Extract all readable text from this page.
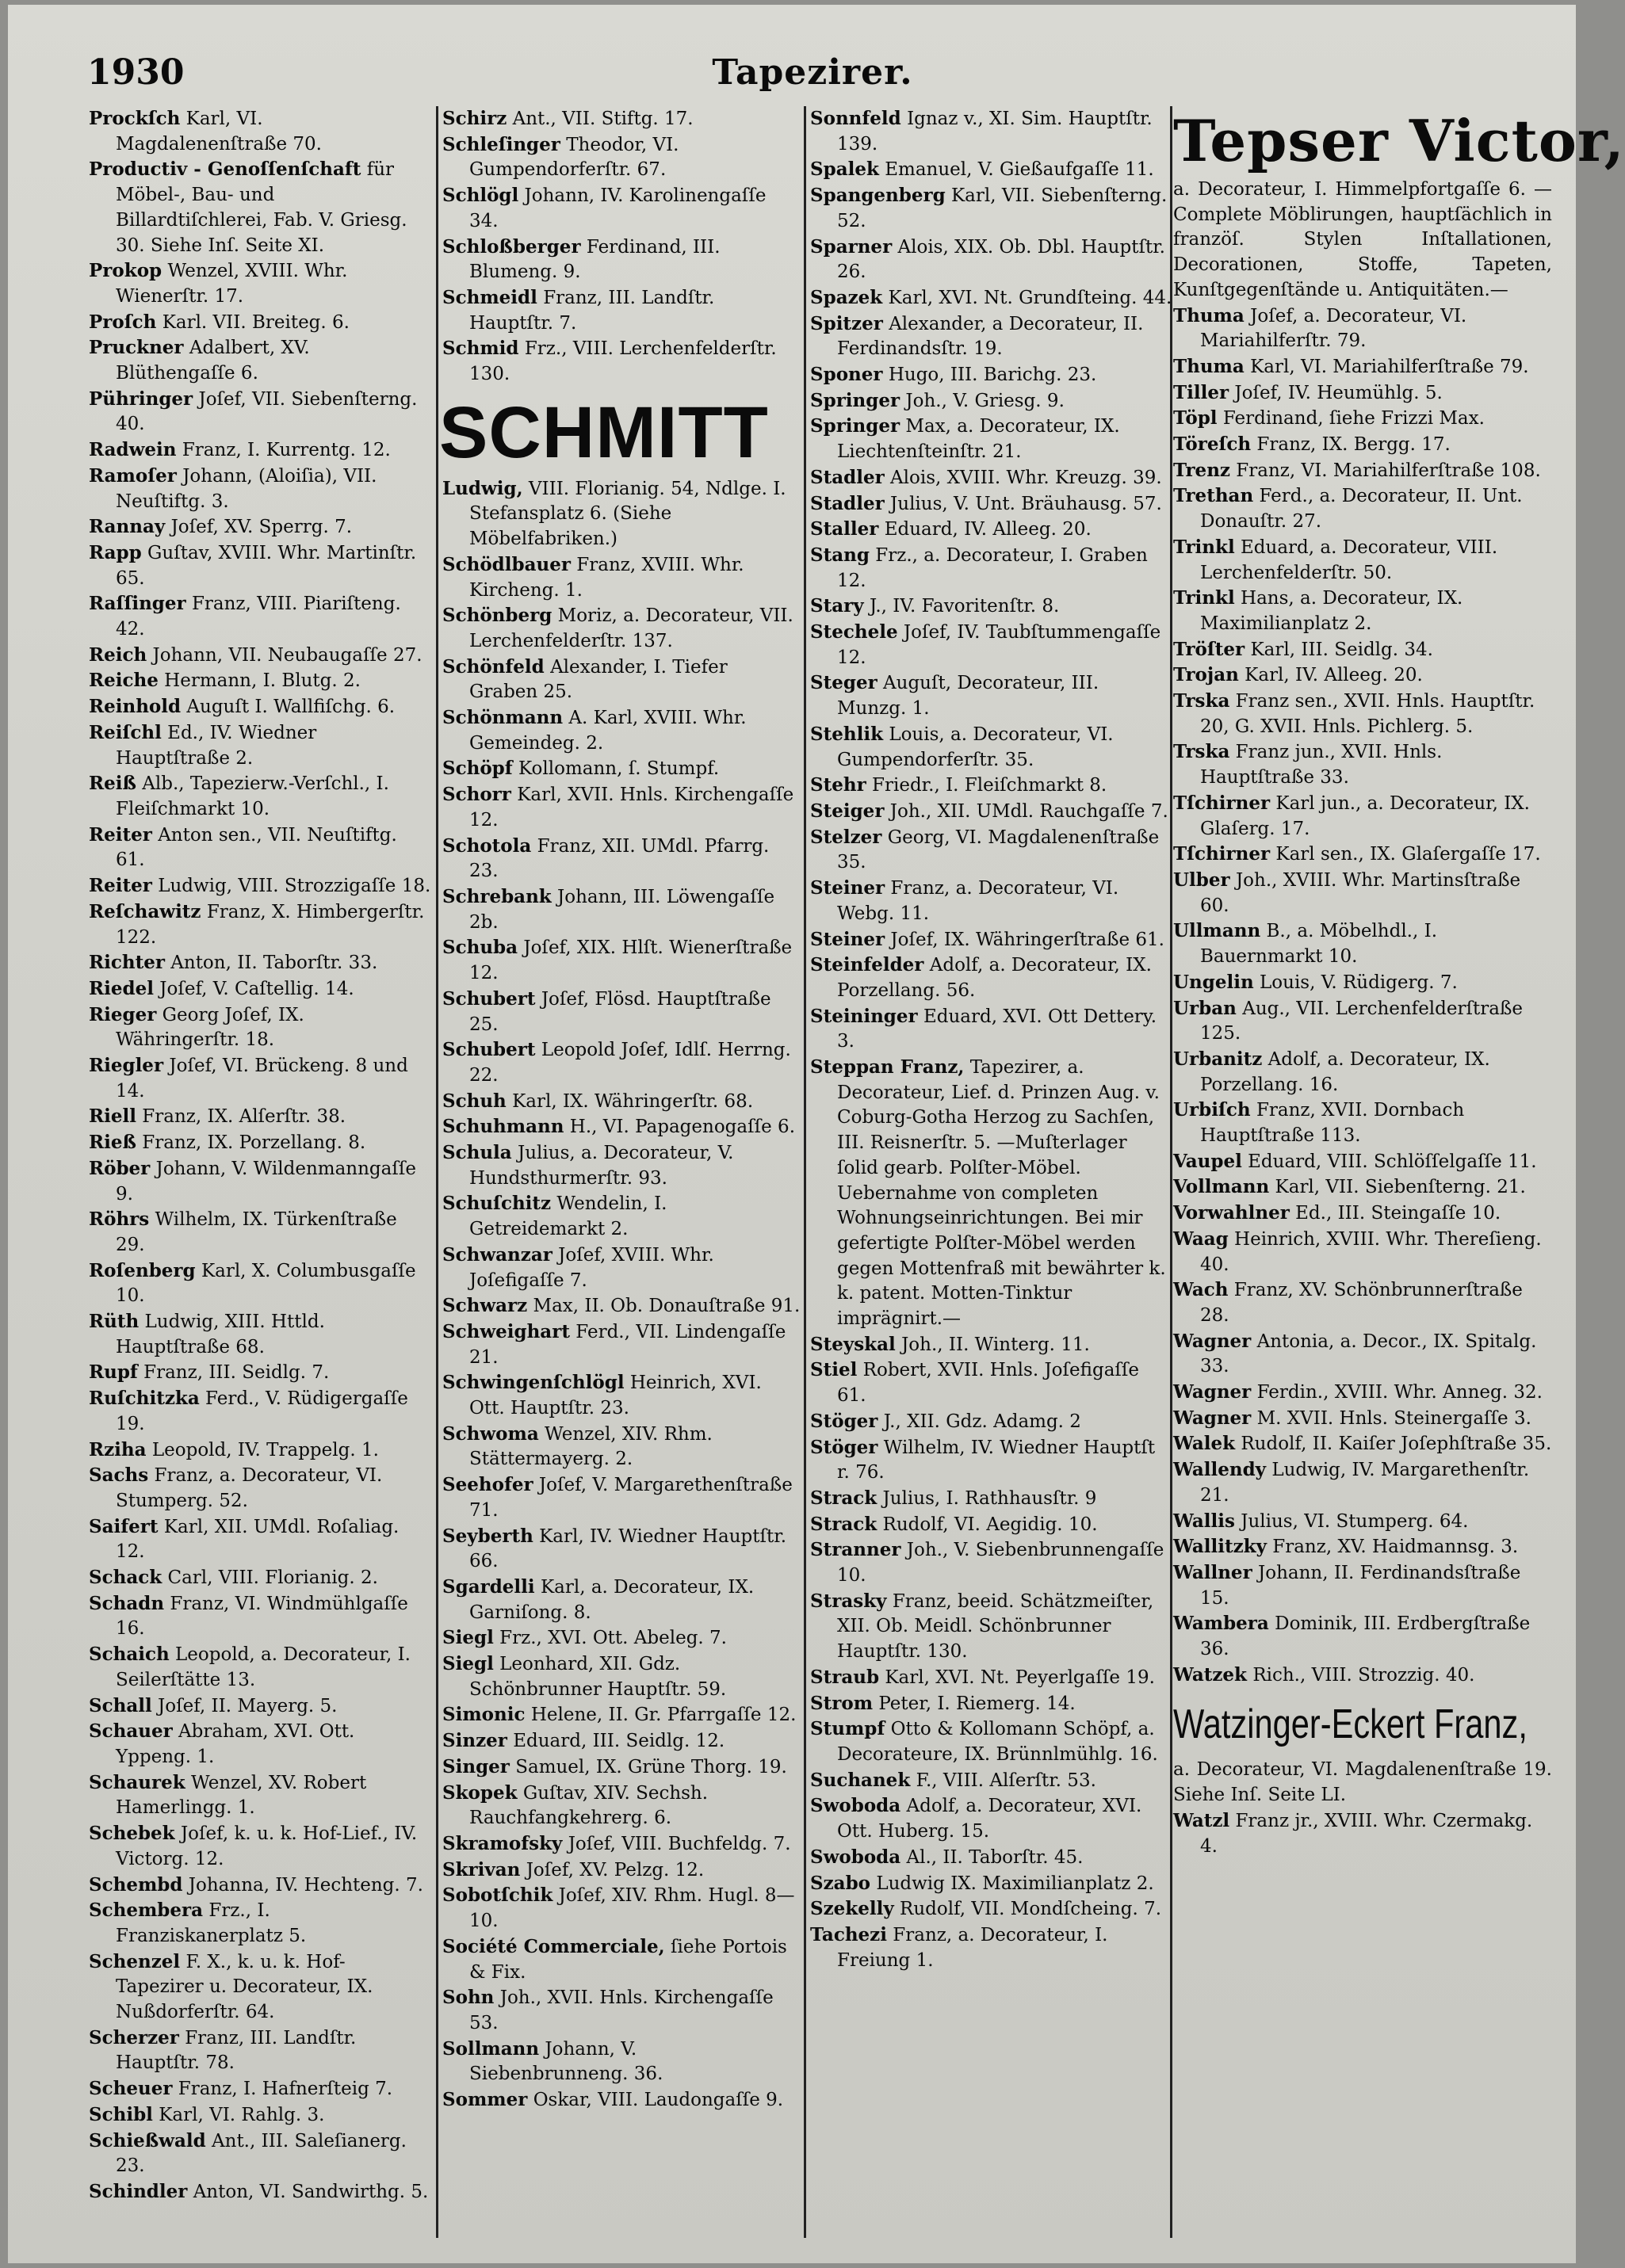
1930	Tapezirer.

Prockſch Karl, VI. Magdalenenſtraße 70.

Productiv - Genoſſenſchaft für Möbel-, Bau- und Billardtiſchlerei, Fab. V. Griesg. 30. Siehe Inſ. Seite XI.

Prokop Wenzel, XVIII. Whr. Wienerſtr. 17.

Proſch Karl. VII. Breiteg. 6.

Pruckner Adalbert, XV. Blüthengaſſe 6.

Pühringer Joſef, VII. Siebenſterng. 40.

Radwein Franz, I. Kurrentg. 12.

Ramoſer Johann, (Aloiſia), VII. Neuſtiftg. 3.

Rannay Joſef, XV. Sperrg. 7.

Rapp Guſtav, XVIII. Whr. Martinſtr. 65.

Raſſinger Franz, VIII. Piariſteng. 42.

Reich Johann, VII. Neubaugaſſe 27.

Reiche Hermann, I. Blutg. 2.

Reinhold Auguſt I. Wallfiſchg. 6.

Reiſchl Ed., IV. Wiedner Hauptſtraße 2.

Reiß Alb., Tapezierw.-Verſchl., I. Fleiſchmarkt 10.

Reiter Anton sen., VII. Neuſtiftg. 61.

Reiter Ludwig, VIII. Strozzigaſſe 18.

Reſchawitz Franz, X. Himbergerſtr. 122.

Richter Anton, II. Taborſtr. 33.

Riedel Joſef, V. Caſtellig. 14.

Rieger Georg Joſef, IX. Währingerſtr. 18.

Riegler Joſef, VI. Brückeng. 8 und 14.

Riell Franz, IX. Alſerſtr. 38.

Rieß Franz, IX. Porzellang. 8.

Röber Johann, V. Wildenmanngaſſe 9.

Röhrs Wilhelm, IX. Türkenſtraße 29.

Roſenberg Karl, X. Columbusgaſſe 10.

Rüth Ludwig, XIII. Httld. Hauptſtraße 68.

Rupf Franz, III. Seidlg. 7.

Ruſchitzka Ferd., V. Rüdigergaſſe 19.

Rziha Leopold, IV. Trappelg. 1.

Sachs Franz, a. Decorateur, VI. Stumperg. 52.

Saifert Karl, XII. UMdl. Roſaliag. 12.

Schack Carl, VIII. Florianig. 2.

Schadn Franz, VI. Windmühlgaſſe 16.

Schaich Leopold, a. Decorateur, I. Seilerſtätte 13.

Schall Joſef, II. Mayerg. 5.

Schauer Abraham, XVI. Ott. Yppeng. 1.

Schaurek Wenzel, XV. Robert Hamerlingg. 1.

Schebek Joſef, k. u. k. Hof-Lief., IV. Victorg. 12.

Schembd Johanna, IV. Hechteng. 7.

Schembera Frz., I. Franziskanerplatz 5.

Schenzel F. X., k. u. k. Hof-Tapezirer u. Decorateur, IX. Nußdorferſtr. 64.

Scherzer Franz, III. Landſtr. Hauptſtr. 78.

Scheuer Franz, I. Hafnerſteig 7.

Schibl Karl, VI. Rahlg. 3.

Schießwald Ant., III. Saleſianerg. 23.

Schindler Anton, VI. Sandwirthg. 5.

Schirz Ant., VII. Stiftg. 17.

Schleſinger Theodor, VI. Gumpendorferſtr. 67.

Schlögl Johann, IV. Karolinengaſſe 34.

Schloßberger Ferdinand, III. Blumeng. 9.

Schmeidl Franz, III. Landſtr. Hauptſtr. 7.

Schmid Frz., VIII. Lerchenfelderſtr. 130.

SCHMITT

Ludwig, VIII. Florianig. 54, Ndlge. I. Stefansplatz 6. (Siehe Möbelfabriken.)

Schödlbauer Franz, XVIII. Whr. Kircheng. 1.

Schönberg Moriz, a. Decorateur, VII. Lerchenfelderſtr. 137.

Schönfeld Alexander, I. Tiefer Graben 25.

Schönmann A. Karl, XVIII. Whr. Gemeindeg. 2.

Schöpf Kollomann, ſ. Stumpf.

Schorr Karl, XVII. Hnls. Kirchengaſſe 12.

Schotola Franz, XII. UMdl. Pfarrg. 23.

Schrebank Johann, III. Löwengaſſe 2b.

Schuba Joſef, XIX. Hlſt. Wienerſtraße 12.

Schubert Joſef, Flösd. Hauptſtraße 25.

Schubert Leopold Joſef, Idlſ. Herrng. 22.

Schuh Karl, IX. Währingerſtr. 68.

Schuhmann H., VI. Papagenogaſſe 6.

Schula Julius, a. Decorateur, V. Hundsthurmerſtr. 93.

Schuſchitz Wendelin, I. Getreidemarkt 2.

Schwanzar Joſef, XVIII. Whr. Joſefigaſſe 7.

Schwarz Max, II. Ob. Donauſtraße 91.

Schweighart Ferd., VII. Lindengaſſe 21.

Schwingenſchlögl Heinrich, XVI. Ott. Hauptſtr. 23.

Schwoma Wenzel, XIV. Rhm. Stättermayerg. 2.

Seehofer Joſef, V. Margarethenſtraße 71.

Seyberth Karl, IV. Wiedner Hauptſtr. 66.

Sgardelli Karl, a. Decorateur, IX. Garniſong. 8.

Siegl Frz., XVI. Ott. Abeleg. 7.

Siegl Leonhard, XII. Gdz. Schönbrunner Hauptſtr. 59.

Simonic Helene, II. Gr. Pfarrgaſſe 12.

Sinzer Eduard, III. Seidlg. 12.

Singer Samuel, IX. Grüne Thorg. 19.

Skopek Guſtav, XIV. Sechsh. Rauchfangkehrerg. 6.

Skramofsky Joſef, VIII. Buchfeldg. 7.

Skrivan Joſef, XV. Pelzg. 12.

Sobotſchik Joſef, XIV. Rhm. Hugl. 8—10.

Société Commerciale, ſiehe Portois & Fix.

Sohn Joh., XVII. Hnls. Kirchengaſſe 53.

Sollmann Johann, V. Siebenbrunneng. 36.

Sommer Oskar, VIII. Laudongaſſe 9.

Sonnfeld Ignaz v., XI. Sim. Hauptſtr. 139.

Spalek Emanuel, V. Gießaufgaſſe 11.

Spangenberg Karl, VII. Siebenſterng. 52.

Sparner Alois, XIX. Ob. Dbl. Hauptſtr. 26.

Spazek Karl, XVI. Nt. Grundſteing. 44.

Spitzer Alexander, a Decorateur, II. Ferdinandsſtr. 19.

Sponer Hugo, III. Barichg. 23.

Springer Joh., V. Griesg. 9.

Springer Max, a. Decorateur, IX. Liechtenſteinſtr. 21.

Stadler Alois, XVIII. Whr. Kreuzg. 39.

Stadler Julius, V. Unt. Bräuhausg. 57.

Staller Eduard, IV. Alleeg. 20.

Stang Frz., a. Decorateur, I. Graben 12.

Stary J., IV. Favoritenſtr. 8.

Stechele Joſef, IV. Taubſtummengaſſe 12.

Steger Auguſt, Decorateur, III. Munzg. 1.

Stehlik Louis, a. Decorateur, VI. Gumpendorferſtr. 35.

Stehr Friedr., I. Fleiſchmarkt 8.

Steiger Joh., XII. UMdl. Rauchgaſſe 7.

Stelzer Georg, VI. Magdalenenſtraße 35.

Steiner Franz, a. Decorateur, VI. Webg. 11.

Steiner Joſef, IX. Währingerſtraße 61.

Steinfelder Adolf, a. Decorateur, IX. Porzellang. 56.

Steininger Eduard, XVI. Ott Dettery. 3.

Steppan Franz, Tapezirer, a. Decorateur, Lief. d. Prinzen Aug. v. Coburg-Gotha Herzog zu Sachſen, III. Reisnerſtr. 5. —Muſterlager ſolid gearb. Polſter-Möbel. Uebernahme von completen Wohnungseinrichtungen. Bei mir gefertigte Polſter-Möbel werden gegen Mottenfraß mit bewährter k. k. patent. Motten-Tinktur imprägnirt.—

Steyskal Joh., II. Winterg. 11.

Stiel Robert, XVII. Hnls. Joſefigaſſe 61.

Stöger J., XII. Gdz. Adamg. 2

Stöger Wilhelm, IV. Wiedner Hauptſt r. 76.

Strack Julius, I. Rathhausſtr. 9

Strack Rudolf, VI. Aegidig. 10.

Stranner Joh., V. Siebenbrunnengaſſe 10.

Strasky Franz, beeid. Schätzmeiſter, XII. Ob. Meidl. Schönbrunner Hauptſtr. 130.

Straub Karl, XVI. Nt. Peyerlgaſſe 19.

Strom Peter, I. Riemerg. 14.

Stumpf Otto & Kollomann Schöpf, a. Decorateure, IX. Brünnlmühlg. 16.

Suchanek F., VIII. Alſerſtr. 53.

Swoboda Adolf, a. Decorateur, XVI. Ott. Huberg. 15.

Swoboda Al., II. Taborſtr. 45.

Szabo Ludwig IX. Maximilianplatz 2.

Szekelly Rudolf, VII. Mondſcheing. 7.

Tachezi Franz, a. Decorateur, I. Freiung 1.

Tepser Victor,

a. Decorateur, I. Himmelpfortgaſſe 6. —Complete Möblirungen, hauptſächlich in franzöſ. Stylen Inſtallationen, Decorationen, Stoffe, Tapeten, Kunſtgegenſtände u. Antiquitäten.—

Thuma Joſef, a. Decorateur, VI. Mariahilferſtr. 79.

Thuma Karl, VI. Mariahilferſtraße 79.

Tiller Joſef, IV. Heumühlg. 5.

Töpl Ferdinand, ſiehe Frizzi Max.

Töreſch Franz, IX. Bergg. 17.

Trenz Franz, VI. Mariahilferſtraße 108.

Trethan Ferd., a. Decorateur, II. Unt. Donauſtr. 27.

Trinkl Eduard, a. Decorateur, VIII. Lerchenfelderſtr. 50.

Trinkl Hans, a. Decorateur, IX. Maximilianplatz 2.

Tröſter Karl, III. Seidlg. 34.

Trojan Karl, IV. Alleeg. 20.

Trska Franz sen., XVII. Hnls. Hauptſtr. 20, G. XVII. Hnls. Pichlerg. 5.

Trska Franz jun., XVII. Hnls. Hauptſtraße 33.

Tſchirner Karl jun., a. Decorateur, IX. Glaſerg. 17.

Tſchirner Karl sen., IX. Glaſergaſſe 17.

Ulber Joh., XVIII. Whr. Martinsſtraße 60.

Ullmann B., a. Möbelhdl., I. Bauernmarkt 10.

Ungelin Louis, V. Rüdigerg. 7.

Urban Aug., VII. Lerchenfelderſtraße 125.

Urbanitz Adolf, a. Decorateur, IX. Porzellang. 16.

Urbiſch Franz, XVII. Dornbach Hauptſtraße 113.

Vaupel Eduard, VIII. Schlöſſelgaſſe 11.

Vollmann Karl, VII. Siebenſterng. 21.

Vorwahlner Ed., III. Steingaſſe 10.

Waag Heinrich, XVIII. Whr. Thereſieng. 40.

Wach Franz, XV. Schönbrunnerſtraße 28.

Wagner Antonia, a. Decor., IX. Spitalg. 33.

Wagner Ferdin., XVIII. Whr. Anneg. 32.

Wagner M. XVII. Hnls. Steinergaſſe 3.

Walek Rudolf, II. Kaiſer Joſephſtraße 35.

Wallendy Ludwig, IV. Margarethenſtr. 21.

Wallis Julius, VI. Stumperg. 64.

Wallitzky Franz, XV. Haidmannsg. 3.

Wallner Johann, II. Ferdinandsſtraße 15.

Wambera Dominik, III. Erdbergſtraße 36.

Watzek Rich., VIII. Strozzig. 40.

Watzinger-Eckert Franz,

a. Decorateur, VI. Magdalenenſtraße 19. Siehe Inſ. Seite LI.

Watzl Franz jr., XVIII. Whr. Czermakg. 4.
